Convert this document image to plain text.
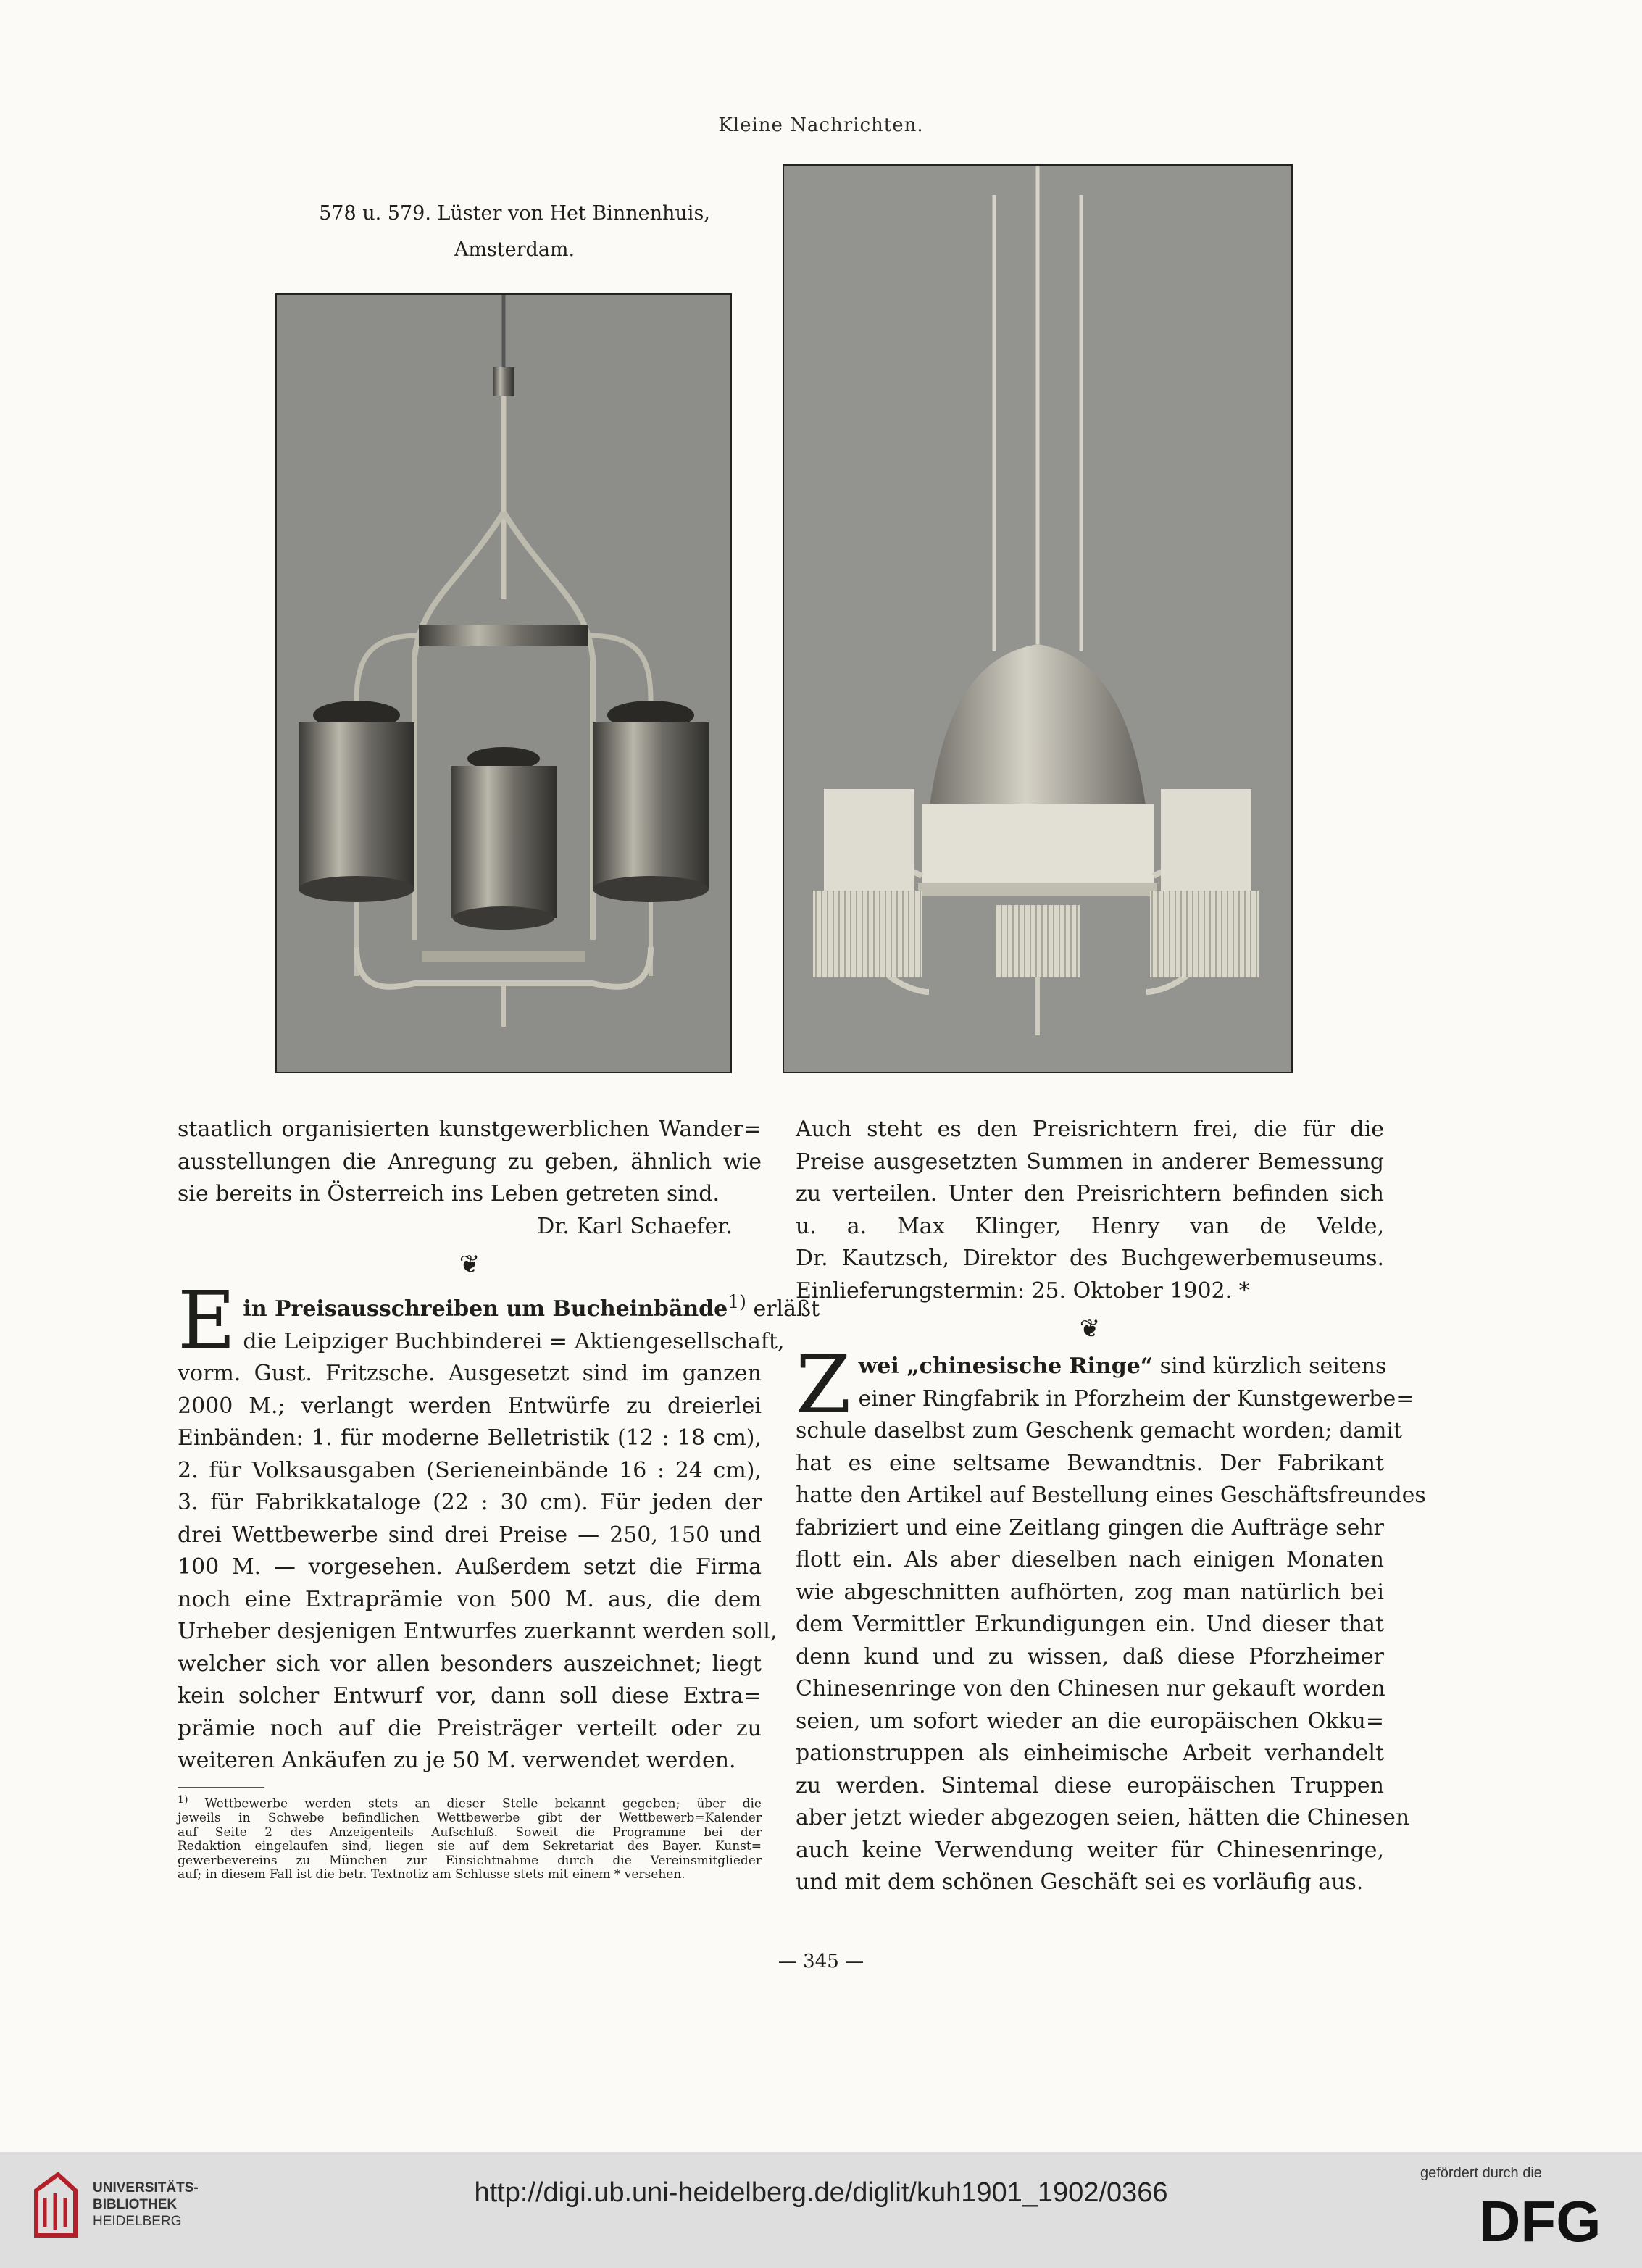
Kleine Nachrichten.
578 u. 579. Lüster von Het Binnenhuis,
Amsterdam.
staatlich organisierten kunstgewerblichen Wander=
ausstellungen die Anregung zu geben, ähnlich wie
sie bereits in Österreich ins Leben getreten sind.
Dr. Karl Schaefer.
❦
E in Preisausschreiben um Bucheinbände$^{1)}$ erläßt
die Leipziger Buchbinderei = Aktiengesellschaft,
vorm. Gust. Fritzsche. Ausgesetzt sind im ganzen
2000 M.; verlangt werden Entwürfe zu dreierlei
Einbänden: 1. für moderne Belletristik (12 : 18 cm),
2. für Volksausgaben (Serieneinbände 16 : 24 cm),
3. für Fabrikkataloge (22 : 30 cm). Für jeden der
drei Wettbewerbe sind drei Preise — 250, 150 und
100 M. — vorgesehen. Außerdem setzt die Firma
noch eine Extraprämie von 500 M. aus, die dem
Urheber desjenigen Entwurfes zuerkannt werden soll,
welcher sich vor allen besonders auszeichnet; liegt
kein solcher Entwurf vor, dann soll diese Extra=
prämie noch auf die Preisträger verteilt oder zu
weiteren Ankäufen zu je 50 M. verwendet werden.
$^{1)}$ Wettbewerbe werden stets an dieser Stelle bekannt gegeben; über die
jeweils in Schwebe befindlichen Wettbewerbe gibt der Wettbewerb=Kalender
auf Seite 2 des Anzeigenteils Aufschluß. Soweit die Programme bei der
Redaktion eingelaufen sind, liegen sie auf dem Sekretariat des Bayer. Kunst=
gewerbevereins zu München zur Einsichtnahme durch die Vereinsmitglieder
auf; in diesem Fall ist die betr. Textnotiz am Schlusse stets mit einem * versehen.
Auch steht es den Preisrichtern frei, die für die
Preise ausgesetzten Summen in anderer Bemessung
zu verteilen. Unter den Preisrichtern befinden sich
u. a. Max Klinger, Henry van de Velde,
Dr. Kautzsch, Direktor des Buchgewerbemuseums.
Einlieferungstermin: 25. Oktober 1902. *
❦
Z wei „chinesische Ringe“ sind kürzlich seitens
einer Ringfabrik in Pforzheim der Kunstgewerbe=
schule daselbst zum Geschenk gemacht worden; damit
hat es eine seltsame Bewandtnis. Der Fabrikant
hatte den Artikel auf Bestellung eines Geschäftsfreundes
fabriziert und eine Zeitlang gingen die Aufträge sehr
flott ein. Als aber dieselben nach einigen Monaten
wie abgeschnitten aufhörten, zog man natürlich bei
dem Vermittler Erkundigungen ein. Und dieser that
denn kund und zu wissen, daß diese Pforzheimer
Chinesenringe von den Chinesen nur gekauft worden
seien, um sofort wieder an die europäischen Okku=
pationstruppen als einheimische Arbeit verhandelt
zu werden. Sintemal diese europäischen Truppen
aber jetzt wieder abgezogen seien, hätten die Chinesen
auch keine Verwendung weiter für Chinesenringe,
und mit dem schönen Geschäft sei es vorläufig aus.
— 345 —
UNIVERSITÄTS-
BIBLIOTHEK
HEIDELBERG
http://digi.ub.uni-heidelberg.de/diglit/kuh1901_1902/0366
gefördert durch die
DFG
